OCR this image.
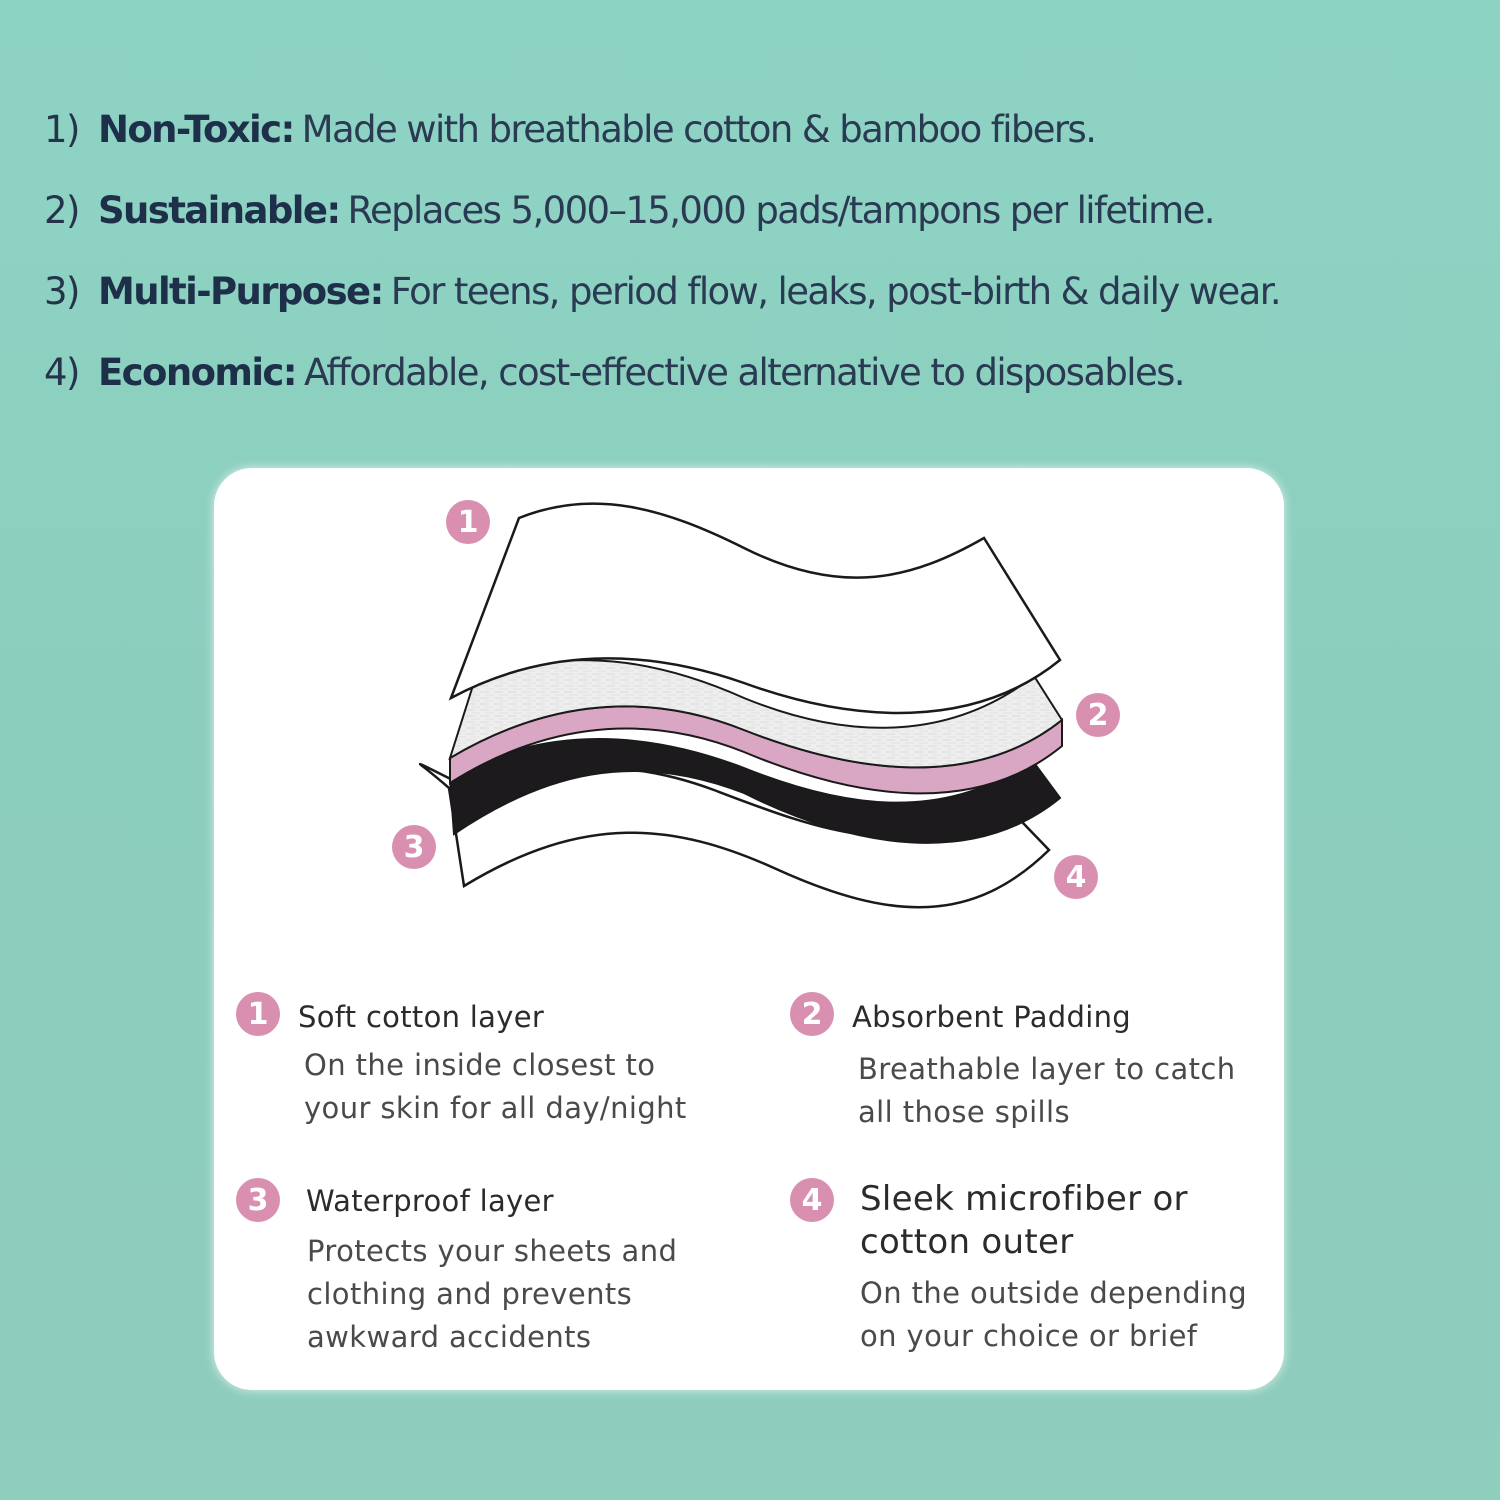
1) Non-Toxic: Made with breathable cotton & bamboo fibers.
2) Sustainable: Replaces 5,000–15,000 pads/tampons per lifetime.
3) Multi-Purpose: For teens, period flow, leaks, post-birth & daily wear.
4) Economic: Affordable, cost-effective alternative to disposables.
1
2
3
4
1	Soft cotton layer
On the inside closest to
your skin for all day/night
2	Absorbent Padding
Breathable layer to catch
all those spills
3	Waterproof layer
Protects your sheets and
clothing and prevents
awkward accidents
4	Sleek microfiber or
cotton outer
On the outside depending
on your choice or brief
